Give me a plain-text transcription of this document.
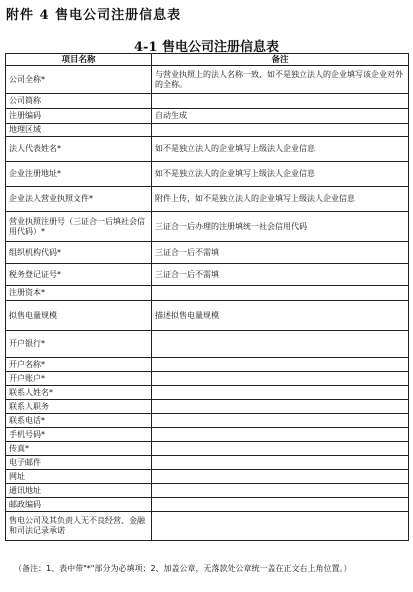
附件 4 售电公司注册信息表
4-1 售电公司注册信息表
项目名称	备注
公司全称*	与营业执照上的法人名称一致，如不是独立法人的企业填写该企业对外的全称。
公司简称	
注册编码	自动生成
地理区域	
法人代表姓名*	如不是独立法人的企业填写上级法人企业信息
企业注册地址*	如不是独立法人的企业填写上级法人企业信息
企业法人营业执照文件*	附件上传，如不是独立法人的企业填写上级法人企业信息
营业执照注册号（三证合一后填社会信用代码）*	三证合一后办理的注册填统一社会信用代码
组织机构代码*	三证合一后不需填
税务登记证号*	三证合一后不需填
注册资本*	
拟售电量规模	描述拟售电量规模
开户银行*	
开户名称*	
开户账户*	
联系人姓名*	
联系人职务	
联系电话*	
手机号码*	
传真*	
电子邮件	
网址	
通讯地址	
邮政编码	
售电公司及其负责人无不良经营、金融和司法记录承诺	
（备注：1、表中带"*"部分为必填项；2、加盖公章，无落款处公章统一盖在正文右上角位置。）
